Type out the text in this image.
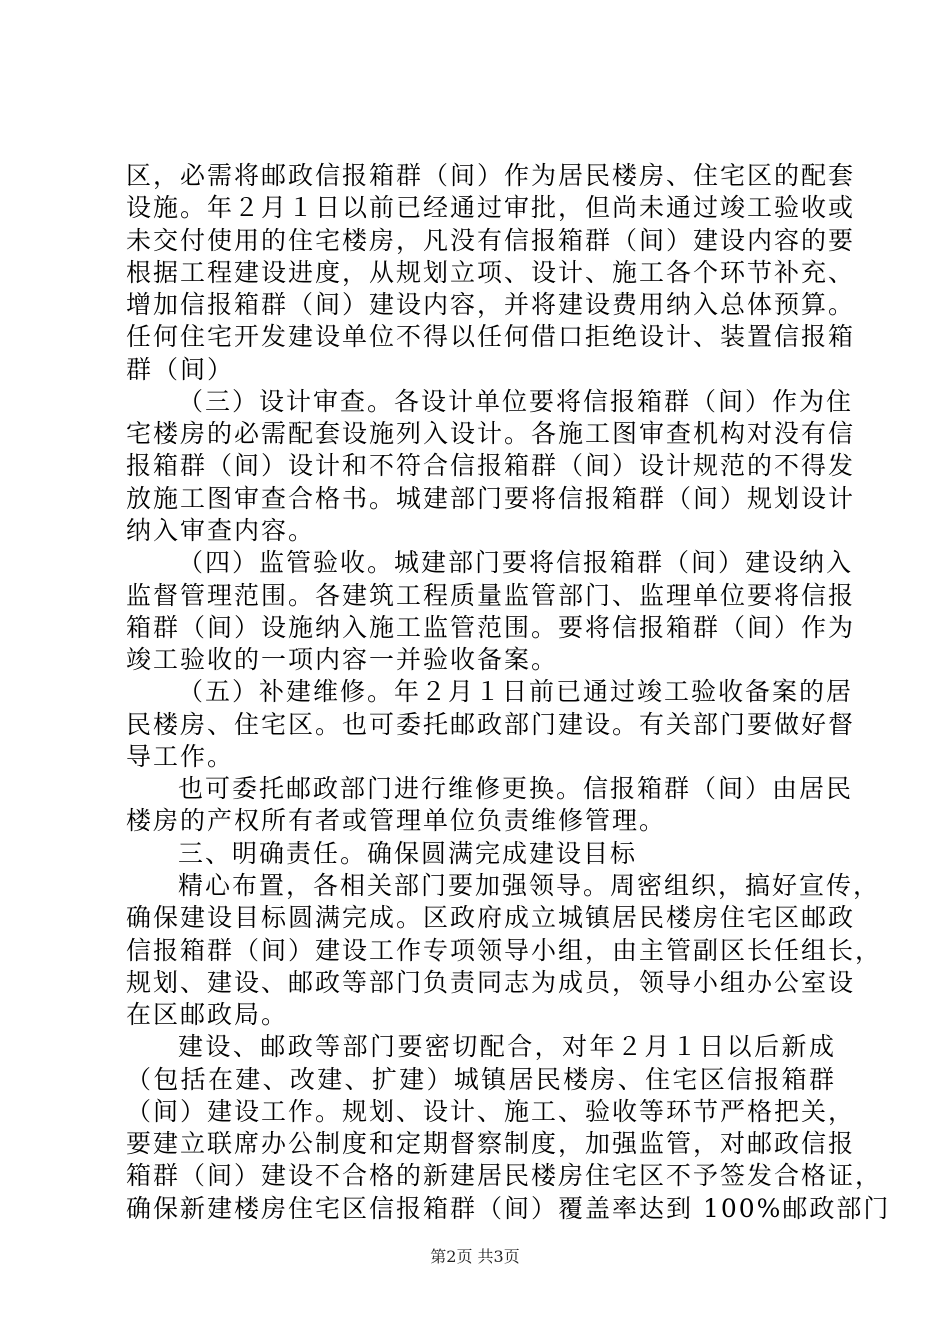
区，必需将邮政信报箱群（间）作为居民楼房、住宅区的配套
设施。年２月１日以前已经通过审批，但尚未通过竣工验收或
未交付使用的住宅楼房，凡没有信报箱群（间）建设内容的要
根据工程建设进度，从规划立项、设计、施工各个环节补充、
增加信报箱群（间）建设内容，并将建设费用纳入总体预算。
任何住宅开发建设单位不得以任何借口拒绝设计、装置信报箱
群（间）
（三）设计审查。各设计单位要将信报箱群（间）作为住
宅楼房的必需配套设施列入设计。各施工图审查机构对没有信
报箱群（间）设计和不符合信报箱群（间）设计规范的不得发
放施工图审查合格书。城建部门要将信报箱群（间）规划设计
纳入审查内容。
（四）监管验收。城建部门要将信报箱群（间）建设纳入
监督管理范围。各建筑工程质量监管部门、监理单位要将信报
箱群（间）设施纳入施工监管范围。要将信报箱群（间）作为
竣工验收的一项内容一并验收备案。
（五）补建维修。年２月１日前已通过竣工验收备案的居
民楼房、住宅区。也可委托邮政部门建设。有关部门要做好督
导工作。
也可委托邮政部门进行维修更换。信报箱群（间）由居民
楼房的产权所有者或管理单位负责维修管理。
三、明确责任。确保圆满完成建设目标
精心布置，各相关部门要加强领导。周密组织，搞好宣传，
确保建设目标圆满完成。区政府成立城镇居民楼房住宅区邮政
信报箱群（间）建设工作专项领导小组，由主管副区长任组长，
规划、建设、邮政等部门负责同志为成员，领导小组办公室设
在区邮政局。
建设、邮政等部门要密切配合，对年２月１日以后新成
（包括在建、改建、扩建）城镇居民楼房、住宅区信报箱群
（间）建设工作。规划、设计、施工、验收等环节严格把关，
要建立联席办公制度和定期督察制度，加强监管，对邮政信报
箱群（间）建设不合格的新建居民楼房住宅区不予签发合格证，
确保新建楼房住宅区信报箱群（间）覆盖率达到 100%邮政部门
第2页 共3页
